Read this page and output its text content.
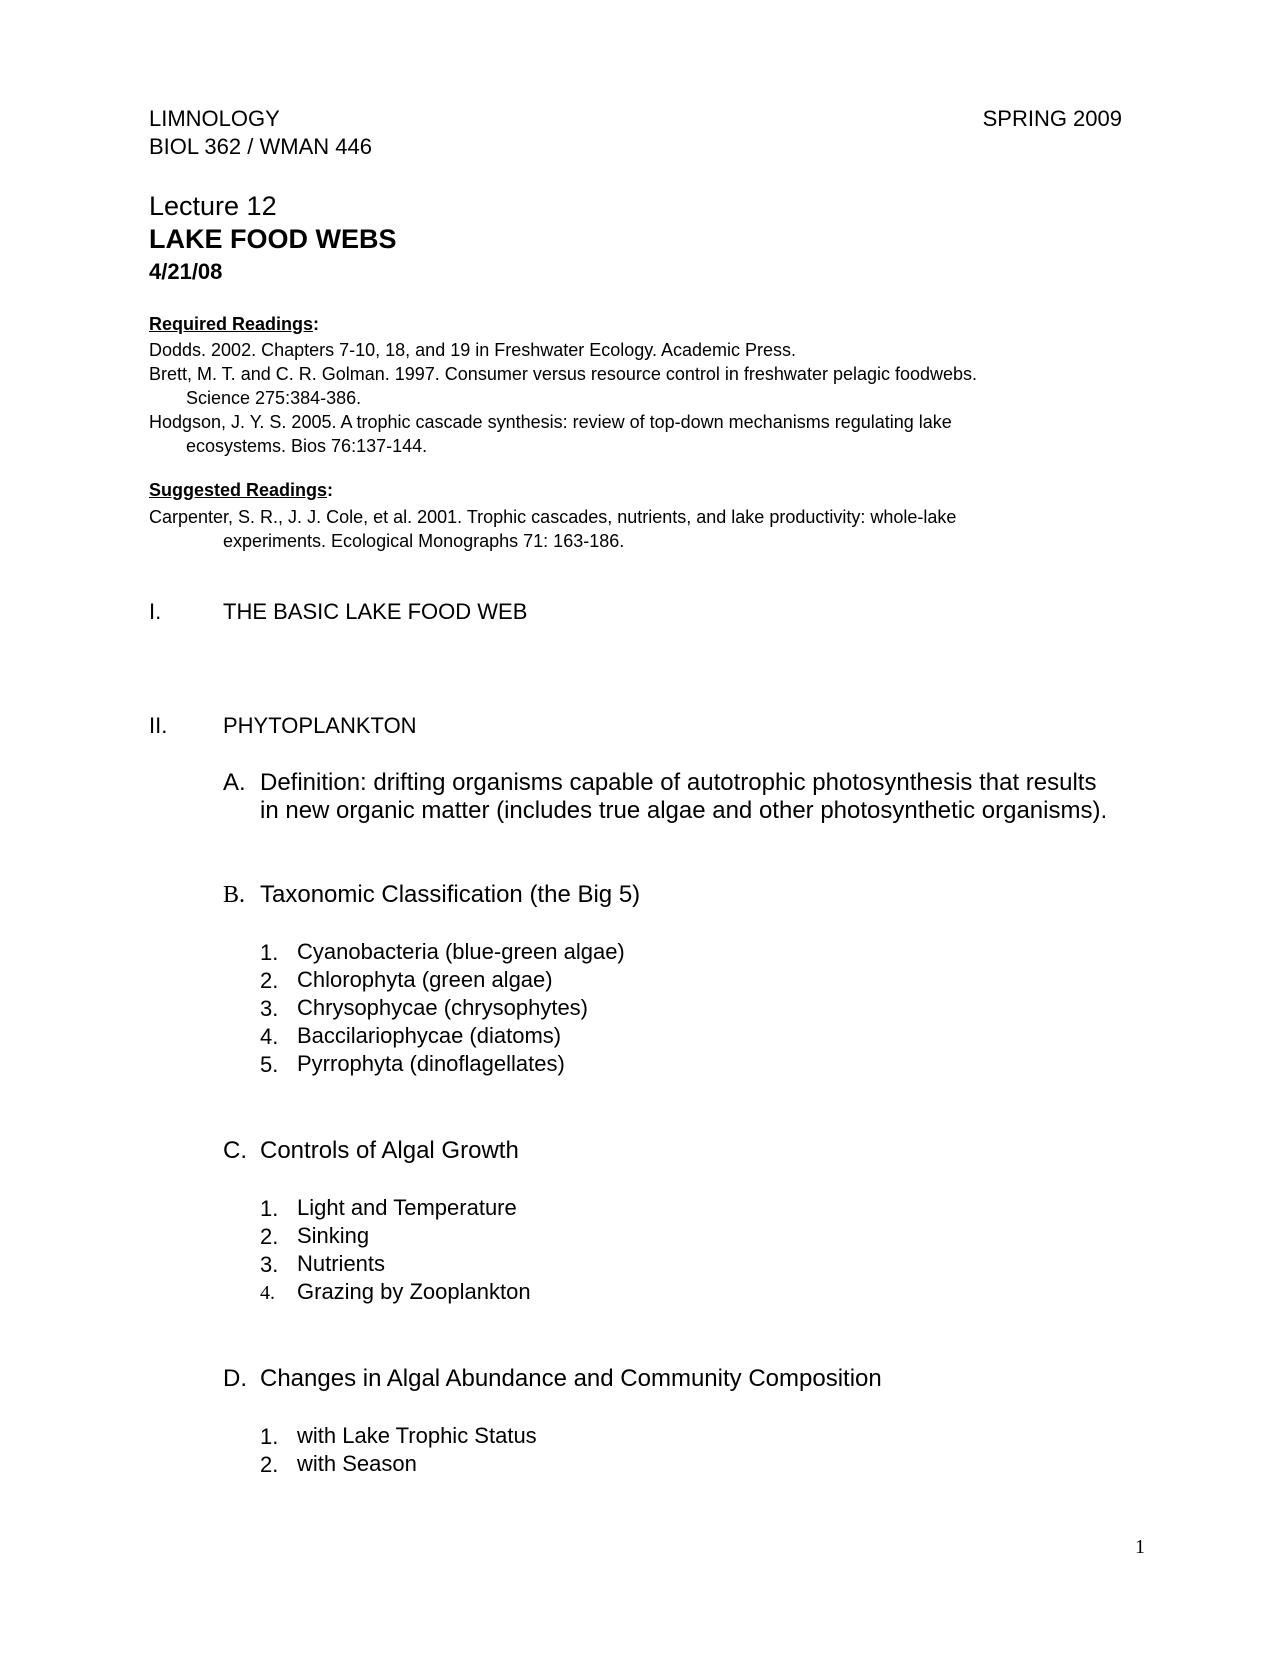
LIMNOLOGY	SPRING 2009
BIOL 362 / WMAN 446
Lecture 12
LAKE FOOD WEBS
4/21/08
Required Readings:
Dodds. 2002. Chapters 7-10, 18, and 19 in Freshwater Ecology. Academic Press.
Brett, M. T. and C. R. Golman. 1997. Consumer versus resource control in freshwater pelagic foodwebs.
Science 275:384-386.
Hodgson, J. Y. S. 2005. A trophic cascade synthesis: review of top-down mechanisms regulating lake
ecosystems. Bios 76:137-144.
Suggested Readings:
Carpenter, S. R., J. J. Cole, et al. 2001. Trophic cascades, nutrients, and lake productivity: whole-lake
experiments. Ecological Monographs 71: 163-186.
I.	THE BASIC LAKE FOOD WEB
II.	PHYTOPLANKTON
A. Definition: drifting organisms capable of autotrophic photosynthesis that results
in new organic matter (includes true algae and other photosynthetic organisms).
B. Taxonomic Classification (the Big 5)
1. Cyanobacteria (blue-green algae)
2. Chlorophyta (green algae)
3. Chrysophycae (chrysophytes)
4. Baccilariophycae (diatoms)
5. Pyrrophyta (dinoflagellates)
C. Controls of Algal Growth
1. Light and Temperature
2. Sinking
3. Nutrients
4. Grazing by Zooplankton
D. Changes in Algal Abundance and Community Composition
1. with Lake Trophic Status
2. with Season
1
